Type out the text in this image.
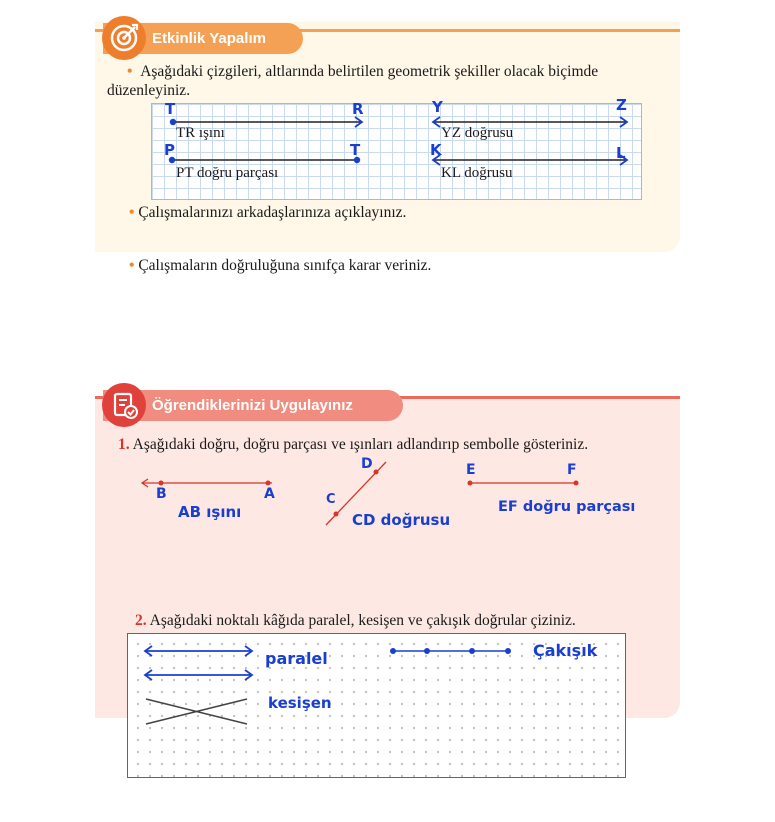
Etkinlik Yapalım
• Aşağıdaki çizgileri, altlarında belirtilen geometrik şekiller olacak biçimde
düzenleyiniz.
T	R	Y	Z
P	T	K	L
TR ışını	YZ doğrusu
PT doğru parçası	KL doğrusu
• Çalışmalarınızı arkadaşlarınıza açıklayınız.
• Çalışmaların doğruluğuna sınıfça karar veriniz.
Öğrendiklerinizi Uygulayınız
1. Aşağıdaki doğru, doğru parçası ve ışınları adlandırıp sembolle gösteriniz.
B	A
AB ışını
C
D
CD doğrusu
E	F
EF doğru parçası
2. Aşağıdaki noktalı kâğıda paralel, kesişen ve çakışık doğrular çiziniz.
paralel
kesişen
Çakışık
